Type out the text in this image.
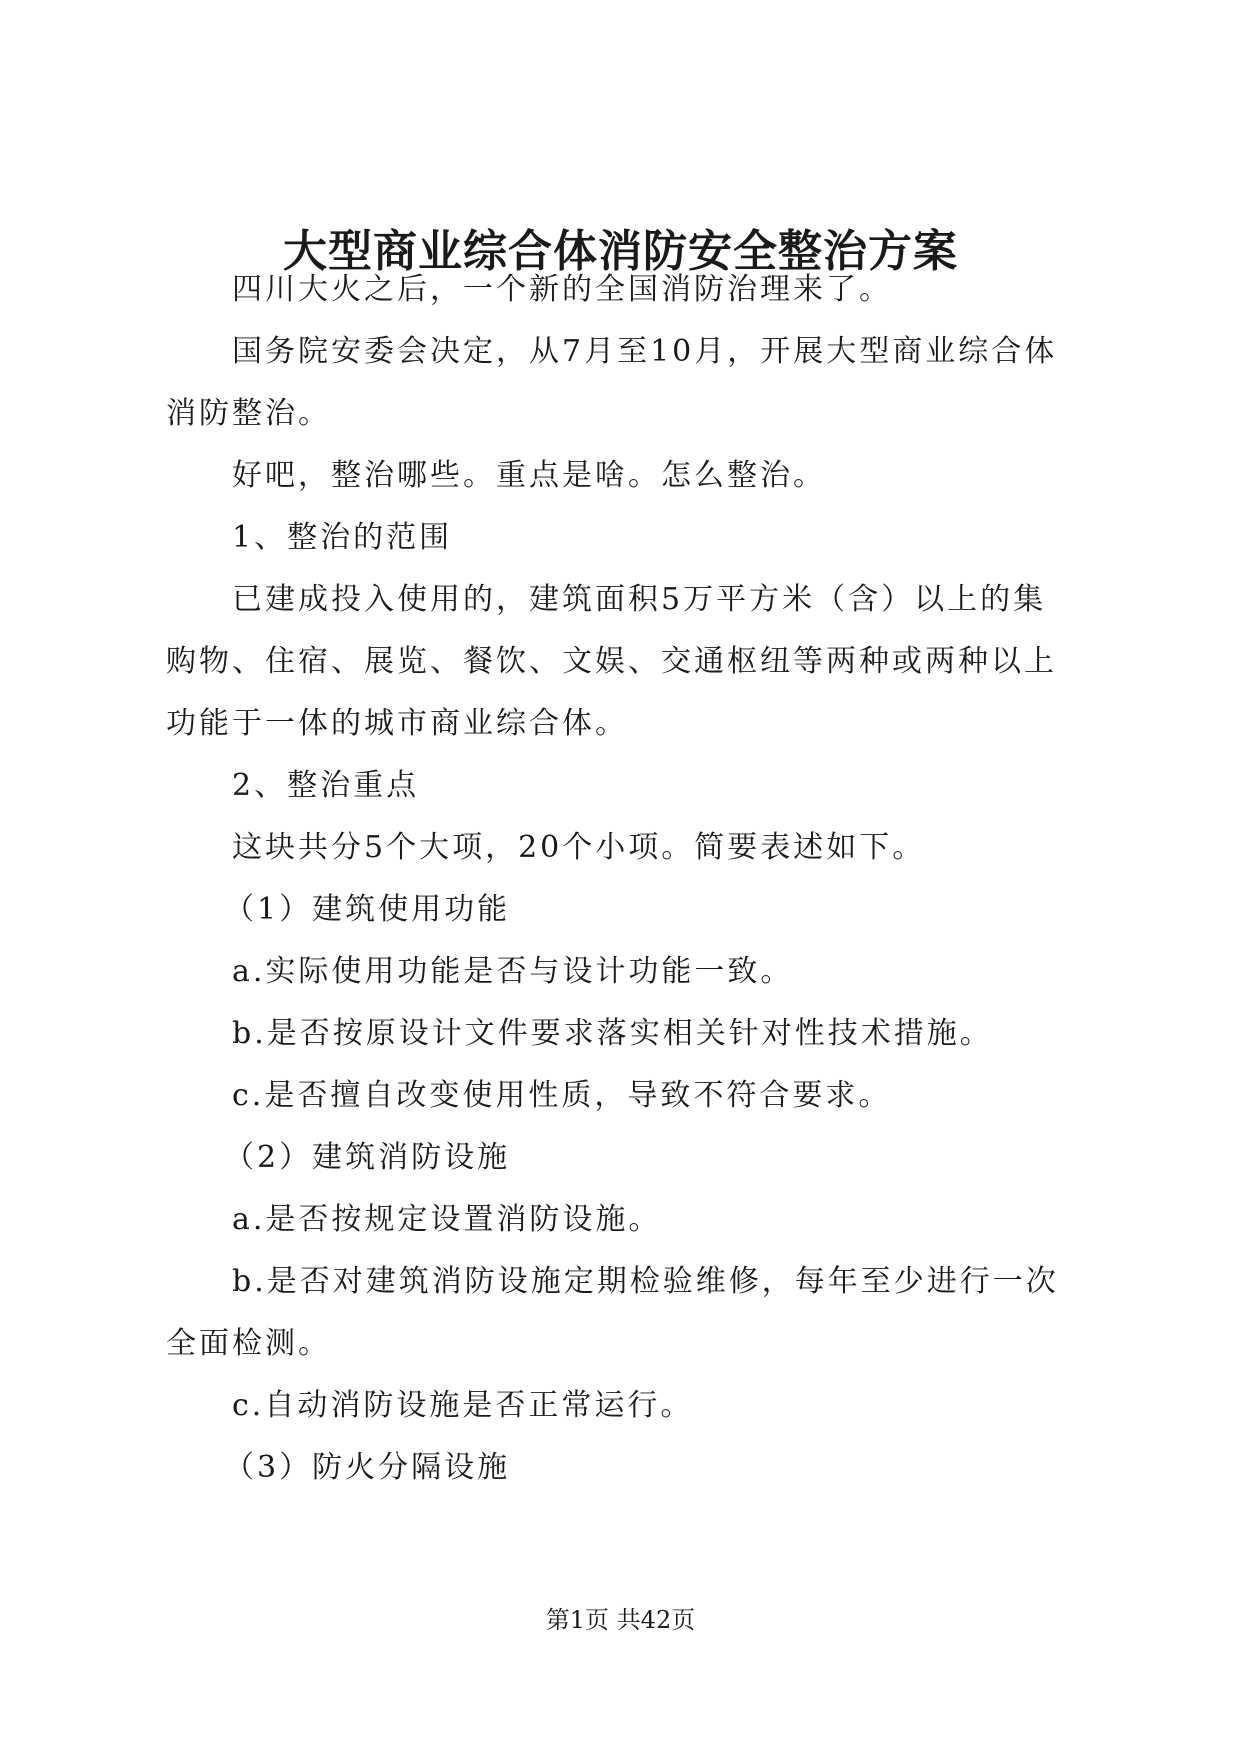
大型商业综合体消防安全整治方案

四川大火之后，一个新的全国消防治理来了。

国务院安委会决定，从7月至10月，开展大型商业综合体消防整治。

好吧，整治哪些。重点是啥。怎么整治。

1、整治的范围

已建成投入使用的，建筑面积5万平方米（含）以上的集购物、住宿、展览、餐饮、文娱、交通枢纽等两种或两种以上功能于一体的城市商业综合体。

2、整治重点

这块共分5个大项，20个小项。简要表述如下。

（1）建筑使用功能

a.实际使用功能是否与设计功能一致。

b.是否按原设计文件要求落实相关针对性技术措施。

c.是否擅自改变使用性质，导致不符合要求。

（2）建筑消防设施

a.是否按规定设置消防设施。

b.是否对建筑消防设施定期检验维修，每年至少进行一次全面检测。

c.自动消防设施是否正常运行。

（3）防火分隔设施

第1页 共42页
